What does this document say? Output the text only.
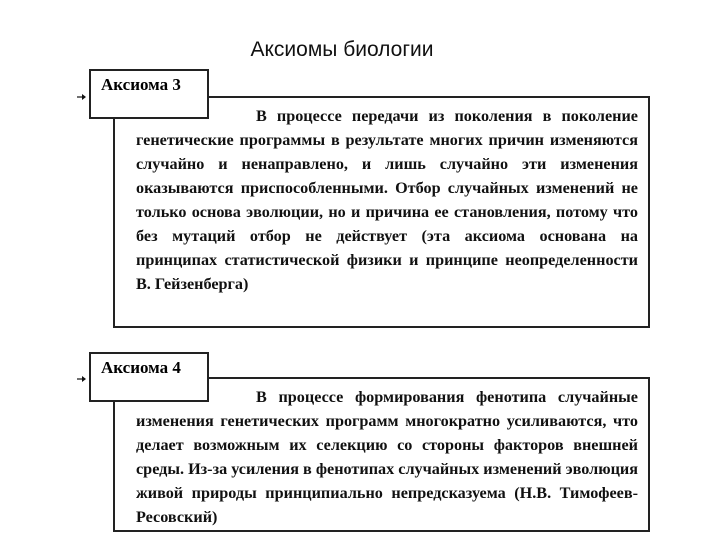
Аксиомы биологии

В процессе передачи из поколения в поколение генетические программы в результате многих причин изменяются случайно и ненаправлено, и лишь случайно эти изменения оказываются приспособленными. Отбор случайных изменений не только основа эволюции, но и причина ее становления, потому что без мутаций отбор не действует (эта аксиома основана на принципах статистической физики и принципе неопределенности В. Гейзенберга)

Аксиома 3

В процессе формирования фенотипа случайные изменения генетических программ многократно усиливаются, что делает возможным их селекцию со стороны факторов внешней среды. Из-за усиления в фенотипах случайных изменений эволюция живой природы принципиально непредсказуема (Н.В. Тимофеев-Ресовский)

Аксиома 4
